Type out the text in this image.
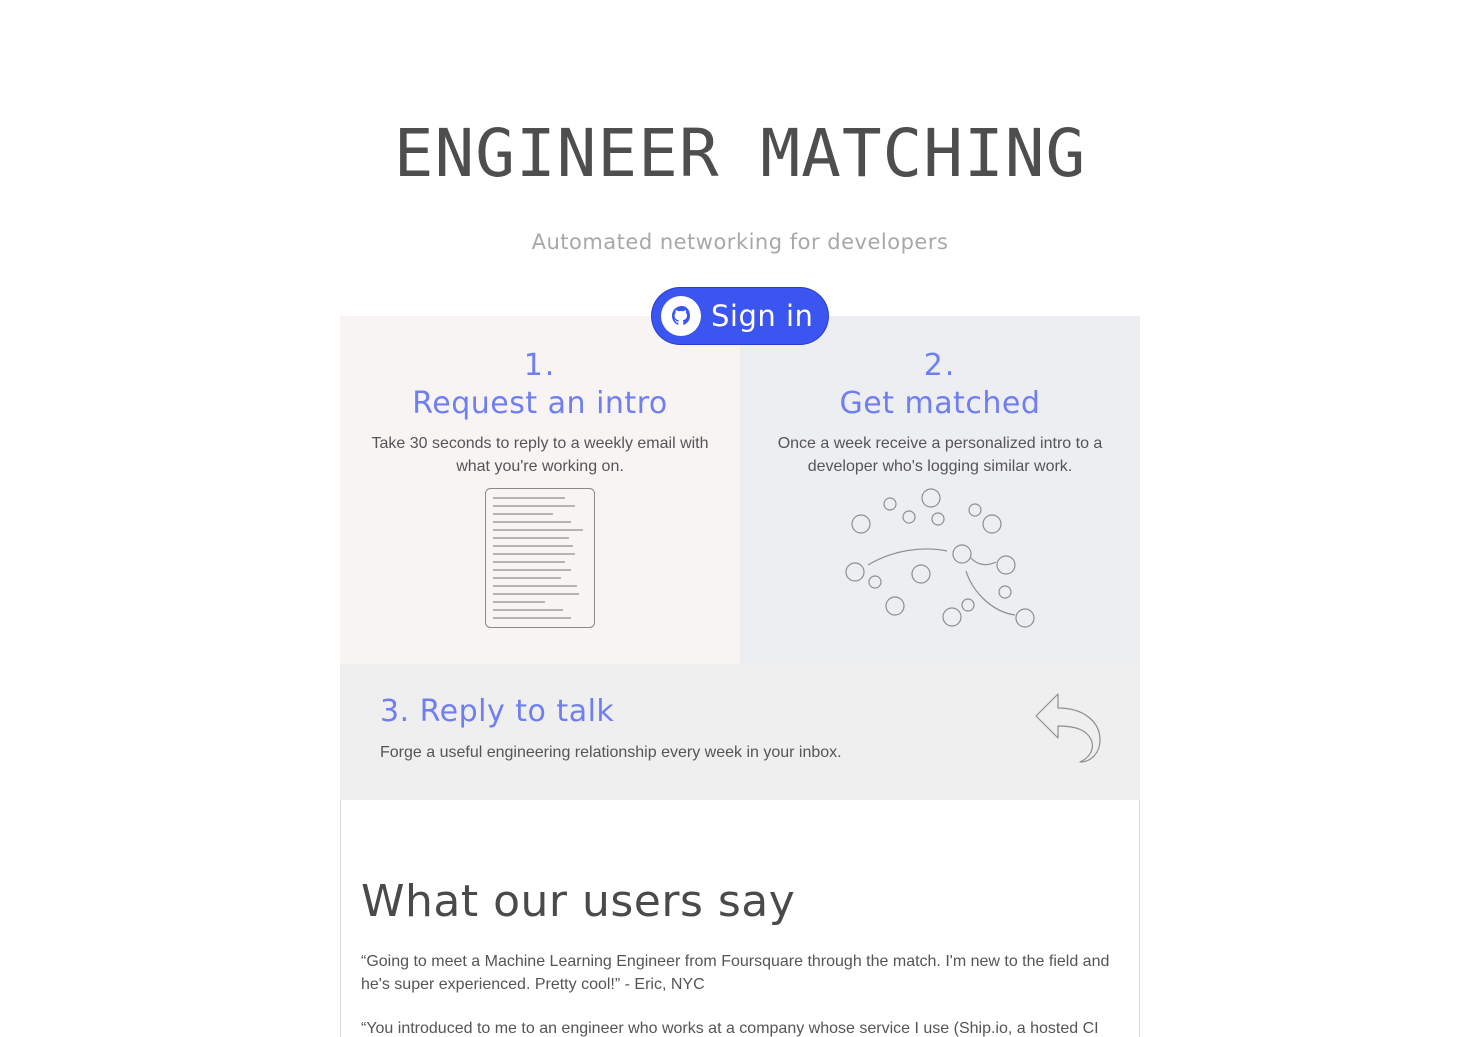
ENGINEER MATCHING
Automated networking for developers
Sign in
1.
Request an intro
Take 30 seconds to reply to a weekly email with what you're working on.
2.
Get matched
Once a week receive a personalized intro to a developer who's logging similar work.
3. Reply to talk
Forge a useful engineering relationship every week in your inbox.
What our users say
“Going to meet a Machine Learning Engineer from Foursquare through the match. I'm new to the field and he's super experienced. Pretty cool!” - Eric, NYC
“You introduced to me to an engineer who works at a company whose service I use (Ship.io, a hosted CI
